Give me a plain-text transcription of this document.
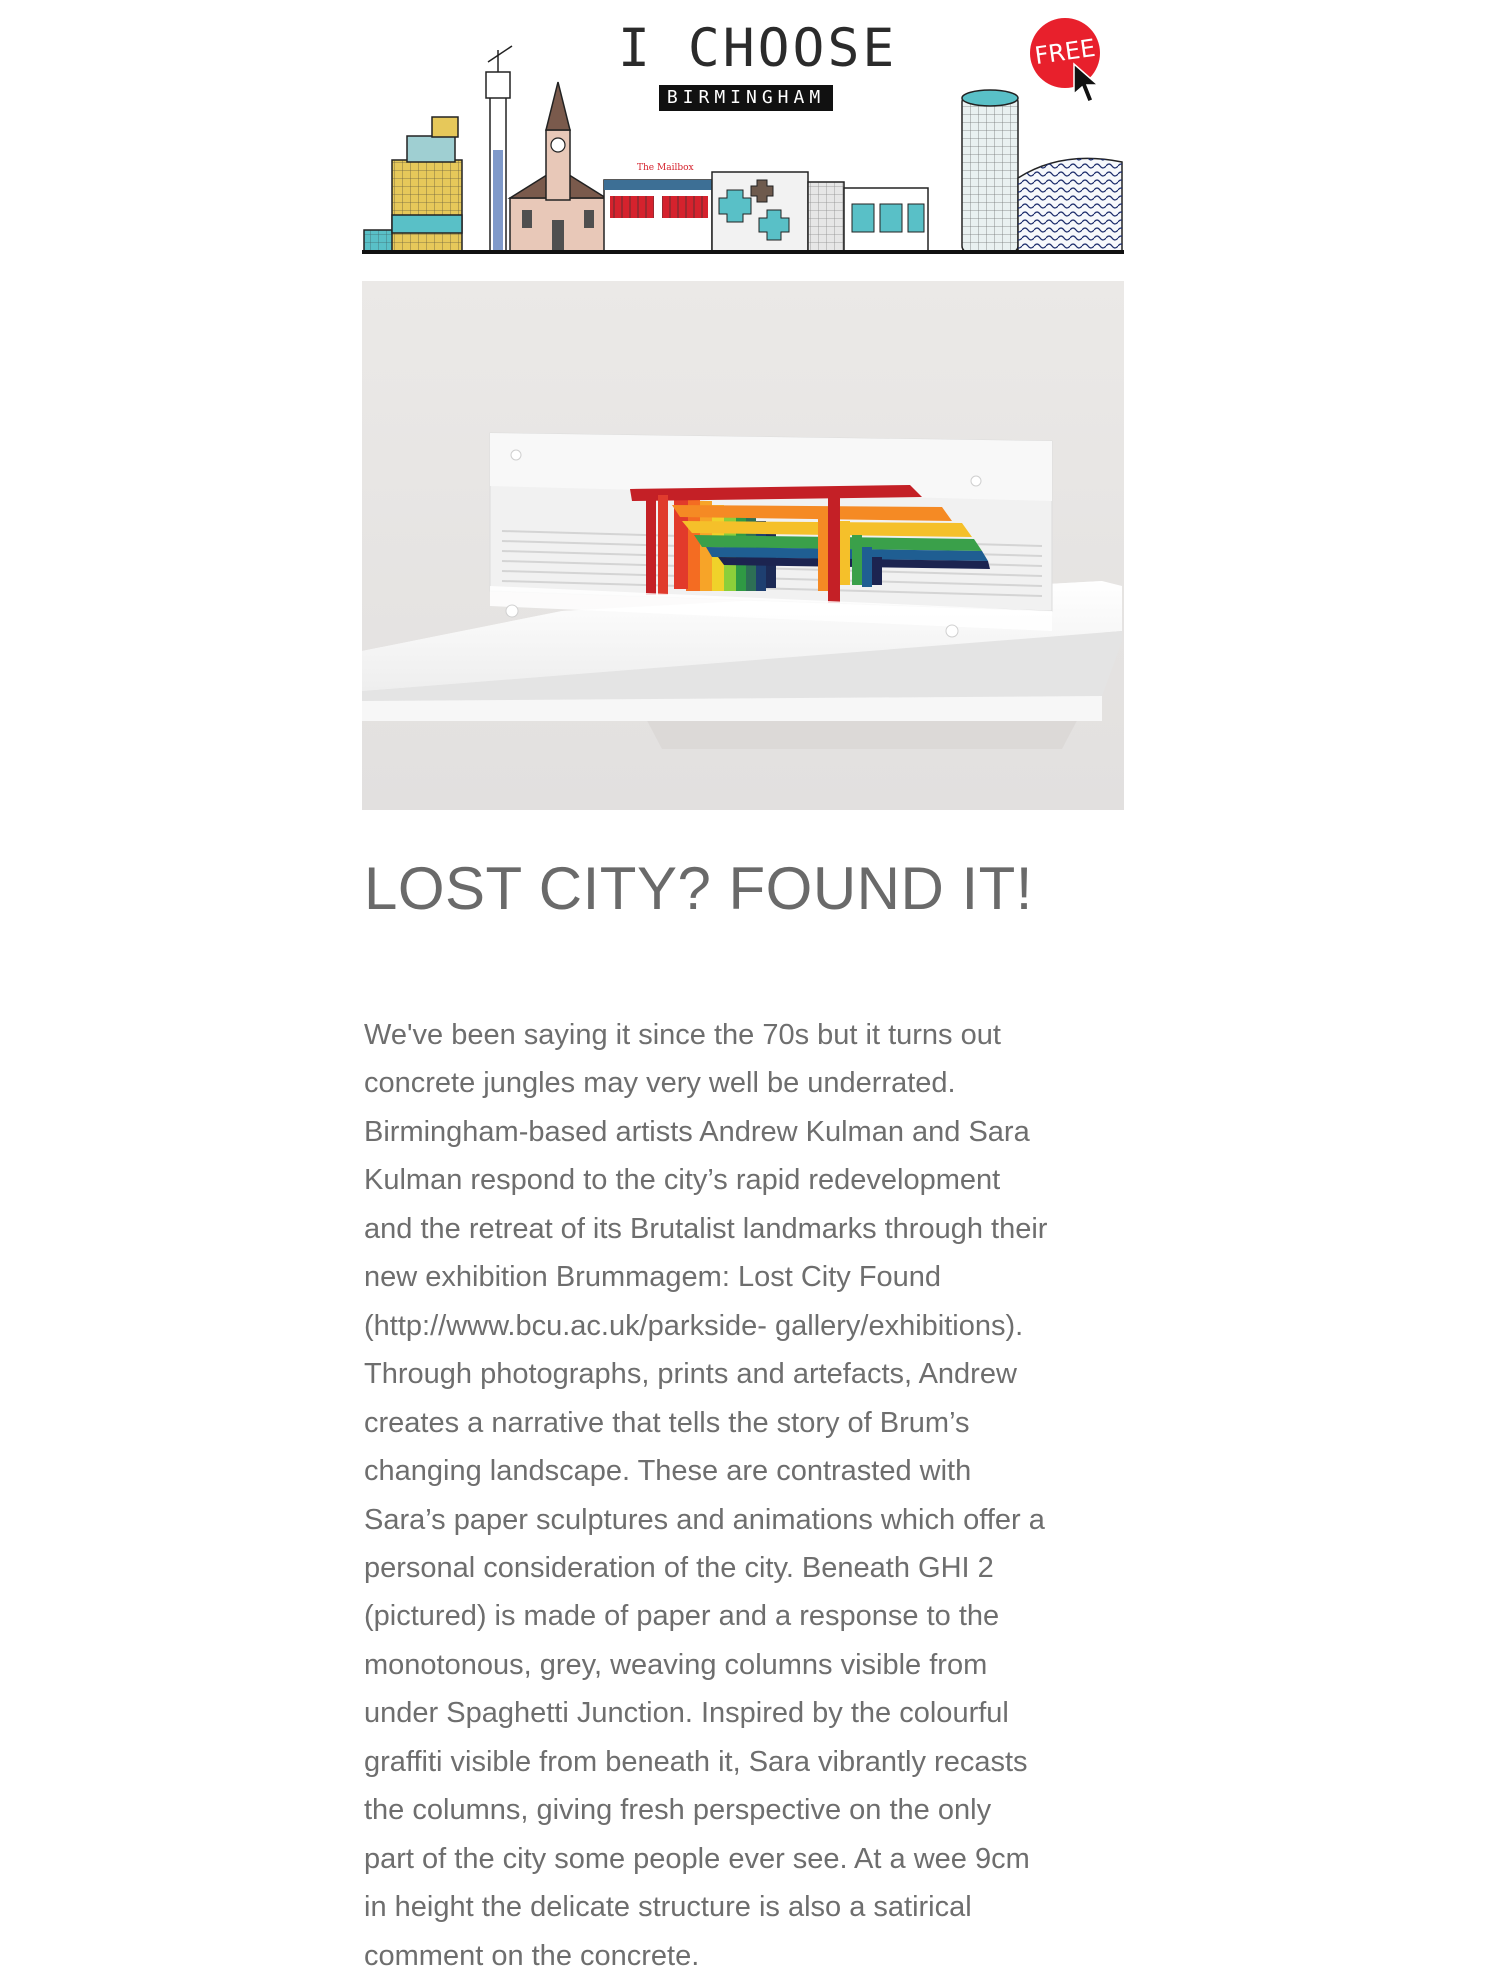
The Mailbox
I CHOOSE
BIRMINGHAM
FREE
LOST CITY? FOUND IT!
We've been saying it since the 70s but it turns out
concrete jungles may very well be underrated.
Birmingham-based artists Andrew Kulman and Sara
Kulman respond to the city’s rapid redevelopment
and the retreat of its Brutalist landmarks through their
new exhibition Brummagem: Lost City Found
(http://www.bcu.ac.uk/parkside- gallery/exhibitions).
Through photographs, prints and artefacts, Andrew
creates a narrative that tells the story of Brum’s
changing landscape. These are contrasted with
Sara’s paper sculptures and animations which offer a
personal consideration of the city. Beneath GHI 2
(pictured) is made of paper and a response to the
monotonous, grey, weaving columns visible from
under Spaghetti Junction. Inspired by the colourful
graffiti visible from beneath it, Sara vibrantly recasts
the columns, giving fresh perspective on the only
part of the city some people ever see. At a wee 9cm
in height the delicate structure is also a satirical
comment on the concrete.
